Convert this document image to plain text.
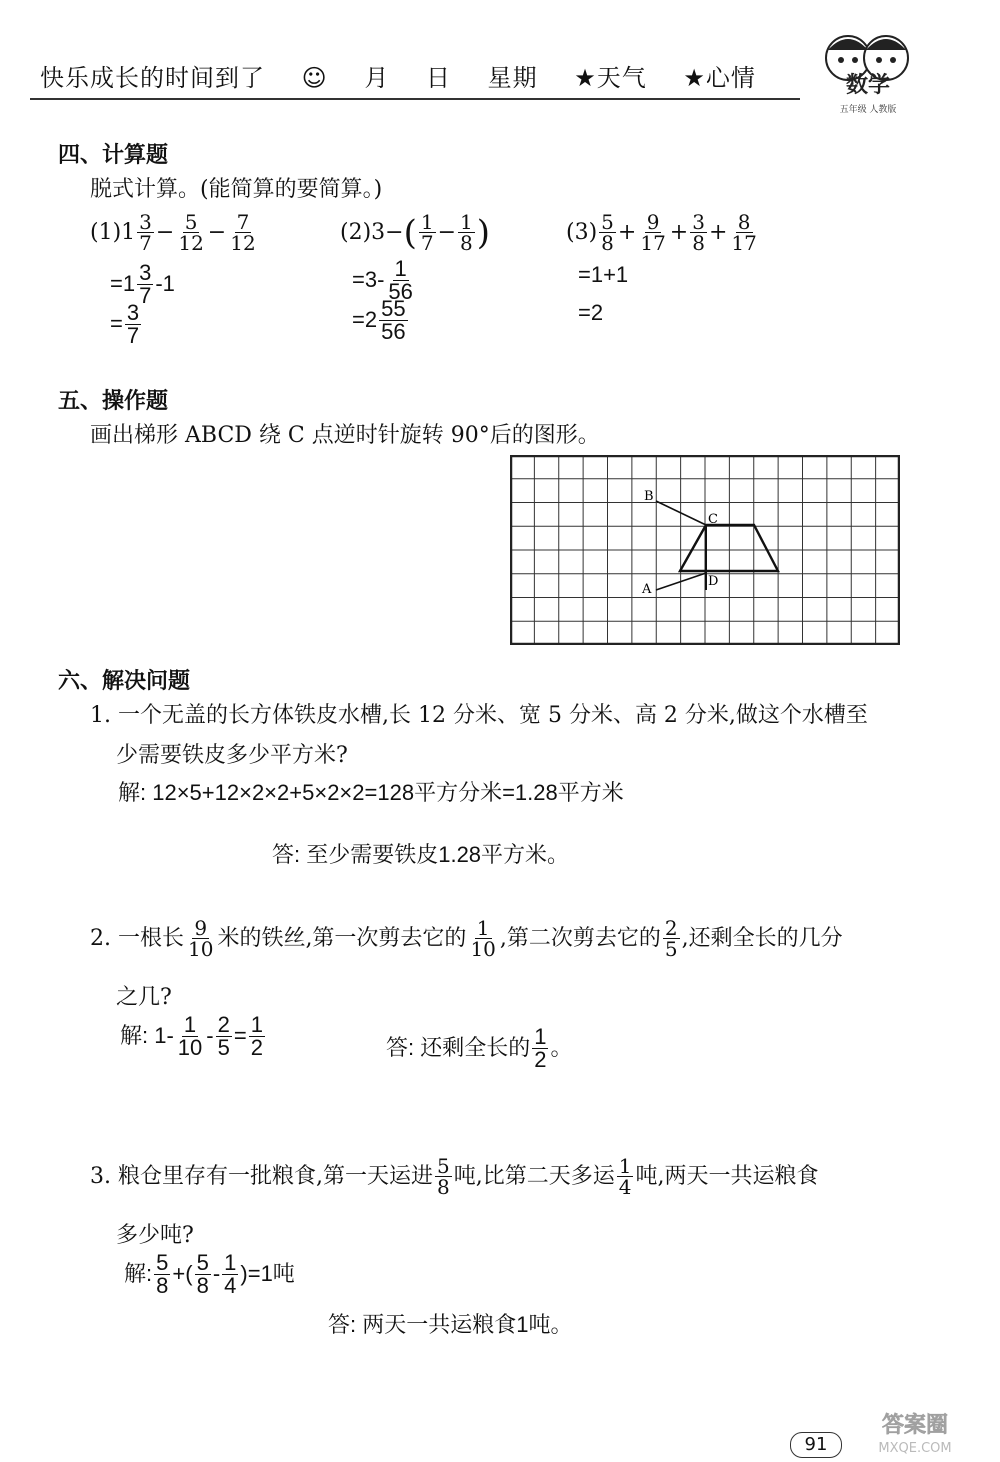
快乐成长的时间到了 ☺ 月 日 星期 ★天气 ★心情	数学
五年级 人教版
四、计算题
脱式计算。(能简算的要简算。)
$(1)1 \frac{3}{7} - \frac{5}{12} - \frac{7}{12}$
$=1 \frac{3}{7} -1$
= $\frac{3}{7}$
$(2)3-( \frac{1}{7} - \frac{1}{8}$ )
$=3- \frac{1}{56}$
$=2 \frac{55}{56}$
$(3) \frac{5}{8} + \frac{9}{17} + \frac{3}{8} + \frac{8}{17}$
=1+1
=2
五、操作题
画出梯形 ABCD 绕 C 点逆时针旋转 90°后的图形。
B
C
D
A
六、解决问题
1. 一个无盖的长方体铁皮水槽,长 12 分米、宽 5 分米、高 2 分米,做这个水槽至
少需要铁皮多少平方米?
解: 12×5+12×2×2+5×2×2=128平方分米=1.28平方米
答: 至少需要铁皮1.28平方米。
2. 一根长 $\frac{9}{10}$ 米的铁丝,第一次剪去它的 $\frac{1}{10}$ ,第二次剪去它的 $\frac{2}{5}$ ,还剩全长的几分
之几?
解: $1- \frac{1}{10} - \frac{2}{5} = \frac{1}{2}$	答: 还剩全长的 $\frac{1}{2}$ 。
3. 粮仓里存有一批粮食,第一天运进 $\frac{5}{8}$ 吨,比第二天多运 $\frac{1}{4}$ 吨,两天一共运粮食
多少吨?
解: $\frac{5}{8}$ +( $\frac{5}{8} - \frac{1}{4} )=1$吨
答: 两天一共运粮食1吨。
91
答案圈
MXQE.COM
